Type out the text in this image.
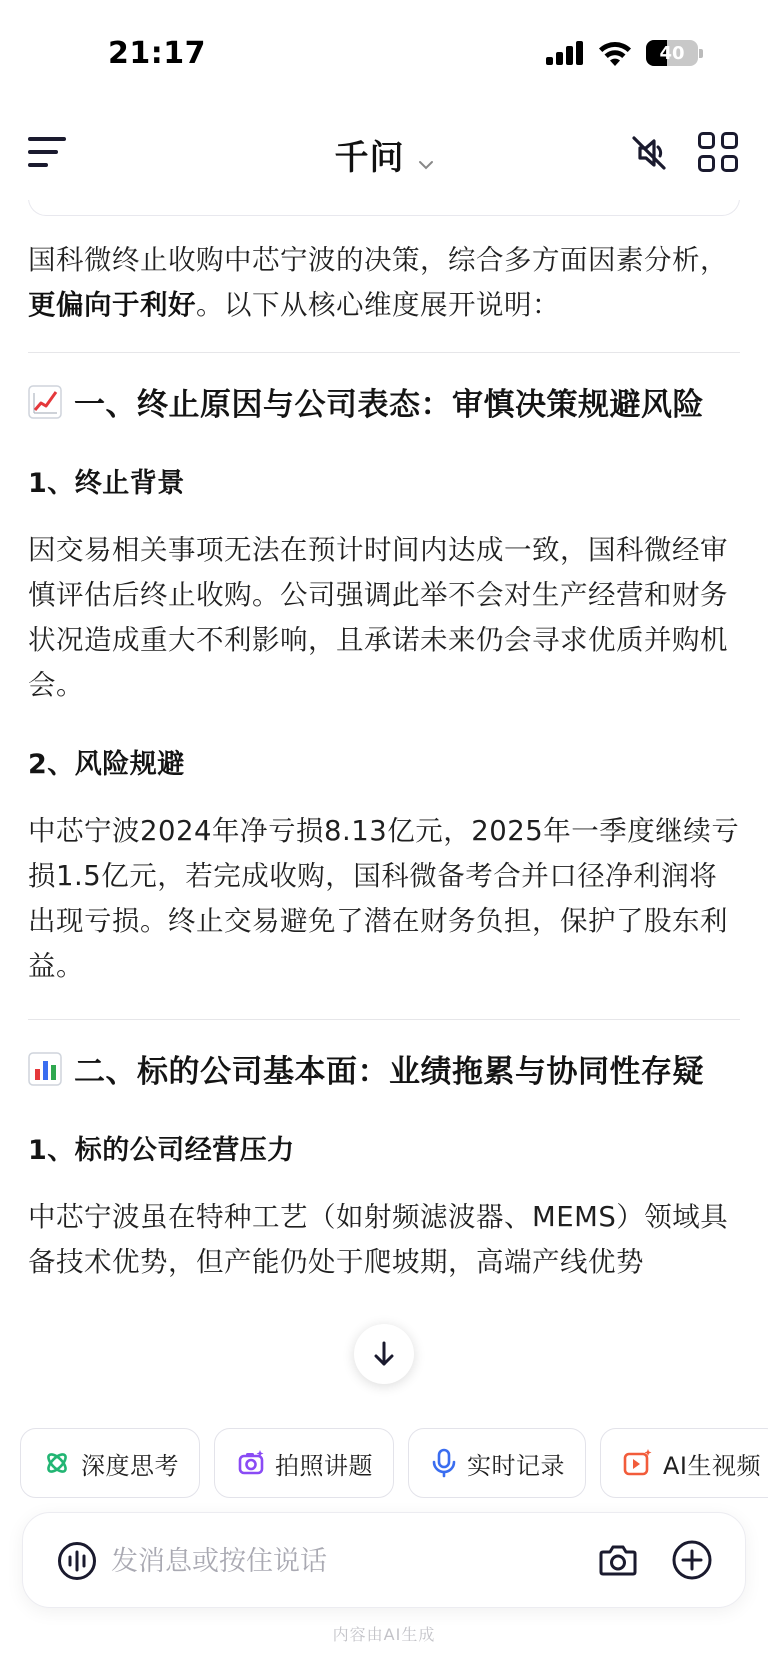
21:17	40
千问

国科微终止收购中芯宁波的决策，综合多方面因素分析，更偏向于利好。以下从核心维度展开说明：

一、终止原因与公司表态：审慎决策规避风险
1、终止背景

因交易相关事项无法在预计时间内达成一致，国科微经审慎评估后终止收购。公司强调此举不会对生产经营和财务状况造成重大不利影响，且承诺未来仍会寻求优质并购机会。

2、风险规避

中芯宁波2024年净亏损8.13亿元，2025年一季度继续亏损1.5亿元，若完成收购，国科微备考合并口径净利润将出现亏损。终止交易避免了潜在财务负担，保护了股东利益。

二、标的公司基本面：业绩拖累与协同性存疑
1、标的公司经营压力

中芯宁波虽在特种工艺（如射频滤波器、MEMS）领域具备技术优势，但产能仍处于爬坡期，高端产线优势

深度思考	拍照讲题	实时记录	AI生视频
发消息或按住说话
内容由AI生成
